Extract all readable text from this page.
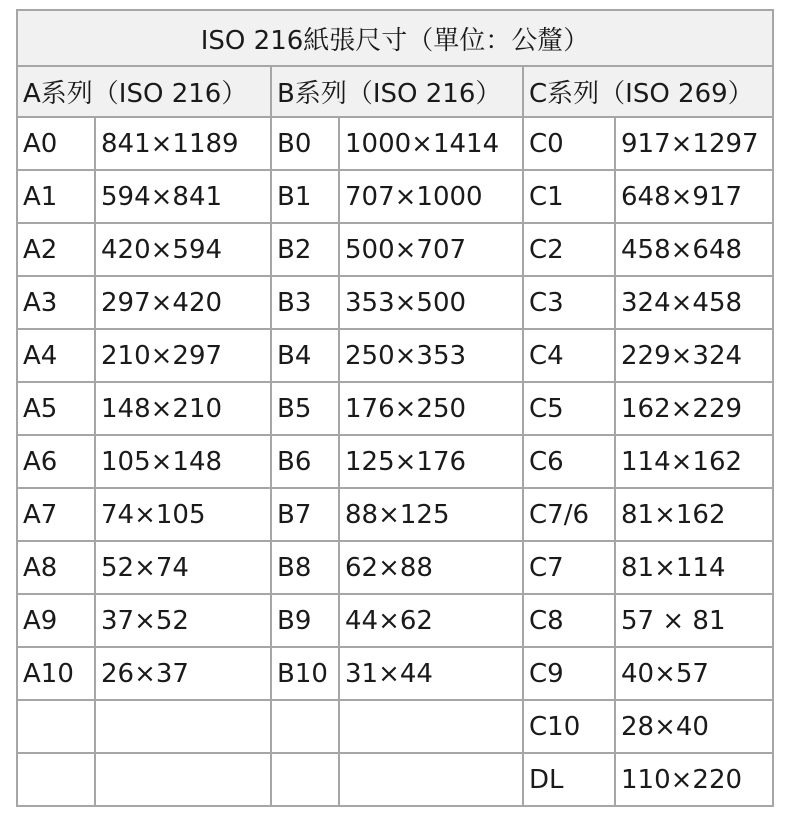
ISO 216紙張尺寸（單位：公釐）					
A系列（ISO 216）		B系列（ISO 216）		C系列（ISO 269）	
A0	841×1189	B0	1000×1414	C0	917×1297
A1	594×841	B1	707×1000	C1	648×917
A2	420×594	B2	500×707	C2	458×648
A3	297×420	B3	353×500	C3	324×458
A4	210×297	B4	250×353	C4	229×324
A5	148×210	B5	176×250	C5	162×229
A6	105×148	B6	125×176	C6	114×162
A7	74×105	B7	88×125	C7/6	81×162
A8	52×74	B8	62×88	C7	81×114
A9	37×52	B9	44×62	C8	57 × 81
A10	26×37	B10	31×44	C9	40×57
				C10	28×40
				DL	110×220
